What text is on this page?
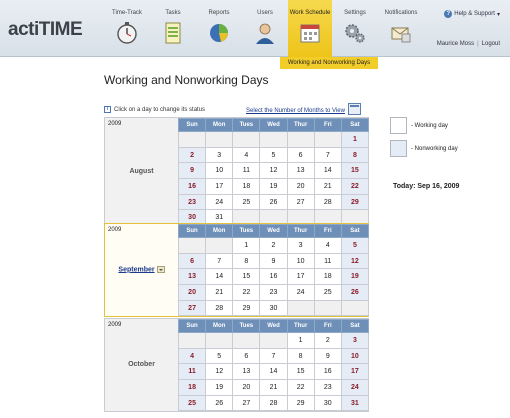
actiTIME
Time-Track	Tasks	Reports	Users	Work Schedule Settings	Notifications	? Help & Support ▾
Maurice Moss | Logout
Working and Nonworking Days
Working and Nonworking Days
i Click on a day to change its status	Select the Number of Months to View
2009
August
Sun	Mon	Tues	Wed	Thur	Fri	Sat
						1
2	3	4	5	6	7	8
9	10	11	12	13	14	15
16	17	18	19	20	21	22
23	24	25	26	27	28	29
30	31					
2009
September
Sun	Mon	Tues	Wed	Thur	Fri	Sat
		1	2	3	4	5
6	7	8	9	10	11	12
13	14	15	16	17	18	19
20	21	22	23	24	25	26
27	28	29	30			
2009
October
Sun	Mon	Tues	Wed	Thur	Fri	Sat
				1	2	3
4	5	6	7	8	9	10
11	12	13	14	15	16	17
18	19	20	21	22	23	24
25	26	27	28	29	30	31
- Working day
- Nonworking day
Today: Sep 16, 2009
